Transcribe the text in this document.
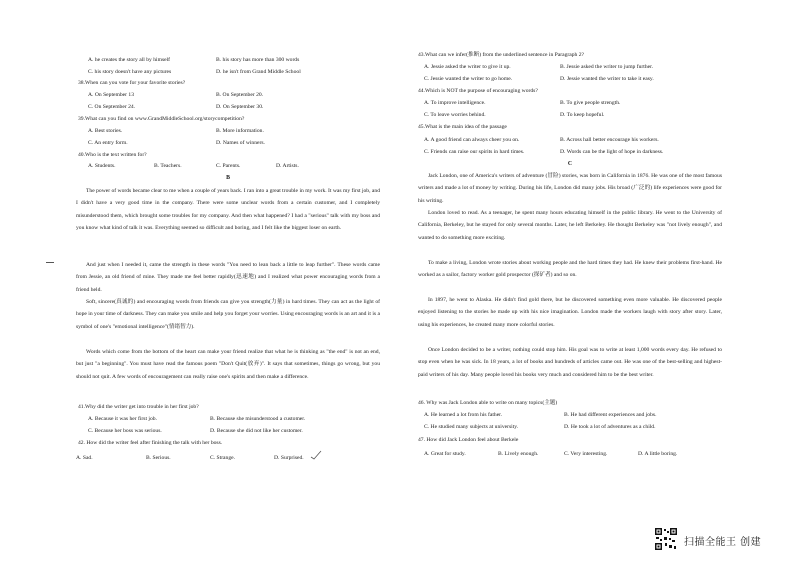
A. he creates the story all by himself	B. his story has more than 300 words
C. his story doesn't have any pictures	D. he isn't from Grand Middle School
38.When can you vote for your favorite stories?
A. On September 13	B. On September 20.
C. On September 24.	D. On September 30.
39.What can you find on www.GrandMiddleSchool.org/storycompetition?
A. Best stories.	B. More information.
C. An entry form.	D. Names of winners.
40.Who is the text written for?
A. Students.	B. Teachers.	C. Parents.	D. Artists.
B
The power of words became clear to me when a couple of years back. I ran into a great trouble in my work. It was my first job, and I didn't have a very good time in the company. There were some unclear words from a certain customer, and I completely misunderstood them, which brought some troubles for my company. And then what happened? I had a "serious" talk with my boss and you know what kind of talk it was. Everything seemed so difficult and boring, and I felt like the biggest loser on earth.
And just when I needed it, came the strength in these words "You need to lean back a little to leap further". These words came from Jessie, an old friend of mine. They made me feel better rapidly(迅速地) and I realized what power encouraging words from a friend held.
Soft, sincere(真诚的) and encouraging words from friends can give you strength(力量) in hard times. They can act as the light of hope in your time of darkness. They can make you smile and help you forget your worries. Using encouraging words is an art and it is a symbol of one's "emotional intelligence"(情绪智力).
Words which come from the bottom of the heart can make your friend realize that what he is thinking as "the end" is not an end, but just "a beginning". You must have read the famous poem "Don't Quit(放弃)". It says that sometimes, things go wrong, but you should not quit. A few words of encouragement can really raise one's spirits and then make a difference.
41.Why did the writer get into trouble in her first job?
A. Because it was her first job.	B. Because she misunderstood a customer.
C. Because her boss was serious.	D. Because she did not like her customer.
42. How did the writer feel after finishing the talk with her boss.
A. Sad.	B. Serious.	C. Strange.	D. Surprised.
43.What can we infer(推断) from the underlined sentence in Paragraph 2?
A. Jessie asked the writer to give it up.	B. Jessie asked the writer to jump further.
C. Jessie wanted the writer to go home.	D. Jessie wanted the writer to take it easy.
44.Which is NOT the purpose of encouraging words?
A. To improve intelligence.	B. To give people strength.
C. To leave worries behind.	D. To keep hopeful.
45.What is the main idea of the passage
A. A good friend can always cheer you on.	B. Across hall better encourage his workers.
C. Friends can raise our spirits in hard times.	D. Words can be the light of hope in darkness.
C
Jack London, one of America's writers of adventure (冒险) stories, was born in California in 1876. He was one of the most famous writers and made a lot of money by writing. During his life, London did many jobs. His broad (广泛的) life experiences were good for his writing.
London loved to read. As a teenager, he spent many hours educating himself in the public library. He went to the University of California, Berkeley, but he stayed for only several months. Later, he left Berkeley. He thought Berkeley was "not lively enough", and wanted to do something more exciting.
To make a living, London wrote stories about working people and the hard times they had. He knew their problems first-hand. He worked as a sailor, factory worker gold prospector (探矿者) and so on.
In 1897, he went to Alaska. He didn't find gold there, but he discovered something even more valuable. He discovered people enjoyed listening to the stories he made up with his nice imagination. London made the workers laugh with story after story. Later, using his experiences, he created many more colorful stories.
Once London decided to be a writer, nothing could stop him. His goal was to write at least 1,000 words every day. He refused to stop even when he was sick. In 18 years, a lot of books and hundreds of articles came out. He was one of the best-selling and highest-paid writers of his day. Many people loved his books very much and considered him to be the best writer.
46. Why was Jack London able to write on many topics(主题)
A. He learned a lot from his father.	B. He had different experiences and jobs.
C. He studied many subjects at university.	D. He took a lot of adventures as a child.
47. How did Jack London feel about Berkele
A. Great for study.	B. Lively enough.	C. Very interesting.	D. A little boring.
扫描全能王 创建
